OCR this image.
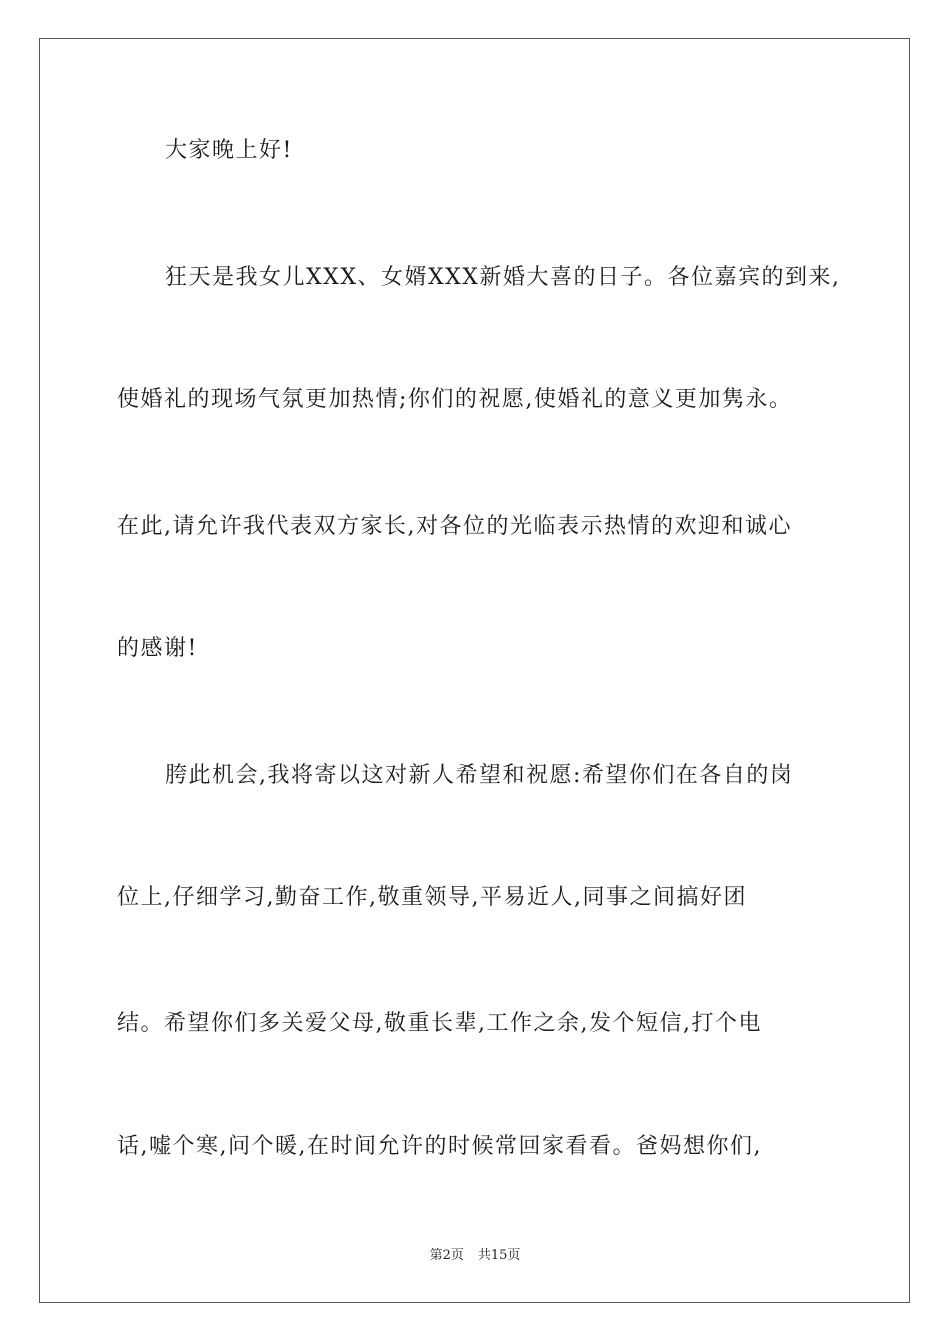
大家晚上好!
狂天是我女儿XXX、女婿XXX新婚大喜的日子。各位嘉宾的到来,
使婚礼的现场气氛更加热情;你们的祝愿,使婚礼的意义更加隽永。
在此,请允许我代表双方家长,对各位的光临表示热情的欢迎和诚心
的感谢!
胯此机会,我将寄以这对新人希望和祝愿:希望你们在各自的岗
位上,仔细学习,勤奋工作,敬重领导,平易近人,同事之间搞好团
结。希望你们多关爱父母,敬重长辈,工作之余,发个短信,打个电
话,嘘个寒,问个暖,在时间允许的时候常回家看看。爸妈想你们,
第2页 共15页
